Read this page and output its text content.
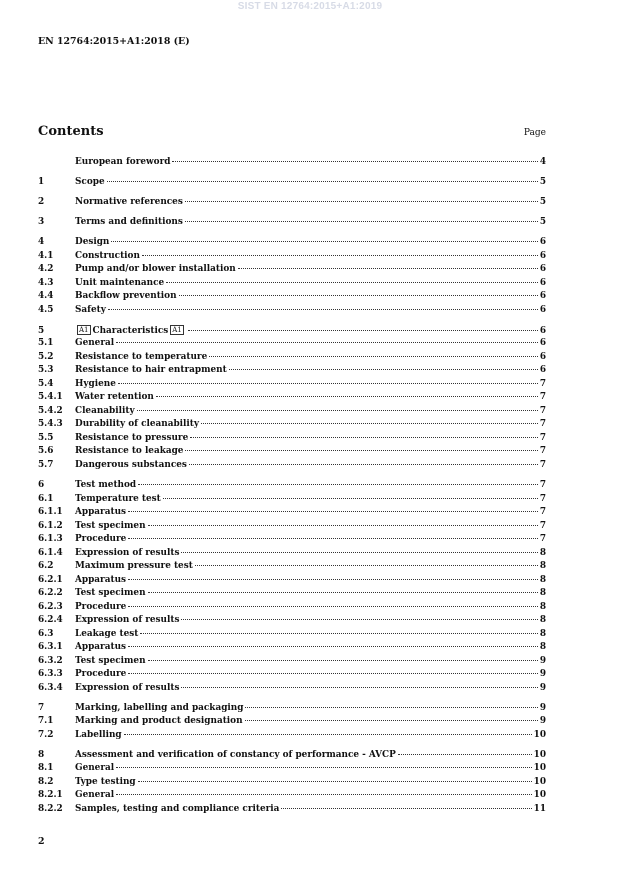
SIST EN 12764:2015+A1:2019
EN 12764:2015+A1:2018 (E)
Contents	Page
European foreword	4
1	Scope	5
2	Normative references	5
3	Terms and definitions	5
4	Design	6
4.1	Construction	6
4.2	Pump and/or blower installation	6
4.3	Unit maintenance	6
4.4	Backflow prevention	6
4.5	Safety	6
5	A1 Characteristics A1	6
5.1	General	6
5.2	Resistance to temperature	6
5.3	Resistance to hair entrapment	6
5.4	Hygiene	7
5.4.1	Water retention	7
5.4.2	Cleanability	7
5.4.3	Durability of cleanability	7
5.5	Resistance to pressure	7
5.6	Resistance to leakage	7
5.7	Dangerous substances	7
6	Test method	7
6.1	Temperature test	7
6.1.1	Apparatus	7
6.1.2	Test specimen	7
6.1.3	Procedure	7
6.1.4	Expression of results	8
6.2	Maximum pressure test	8
6.2.1	Apparatus	8
6.2.2	Test specimen	8
6.2.3	Procedure	8
6.2.4	Expression of results	8
6.3	Leakage test	8
6.3.1	Apparatus	8
6.3.2	Test specimen	9
6.3.3	Procedure	9
6.3.4	Expression of results	9
7	Marking, labelling and packaging	9
7.1	Marking and product designation	9
7.2	Labelling	10
8	Assessment and verification of constancy of performance - AVCP	10
8.1	General	10
8.2	Type testing	10
8.2.1	General	10
8.2.2	Samples, testing and compliance criteria	11
2
